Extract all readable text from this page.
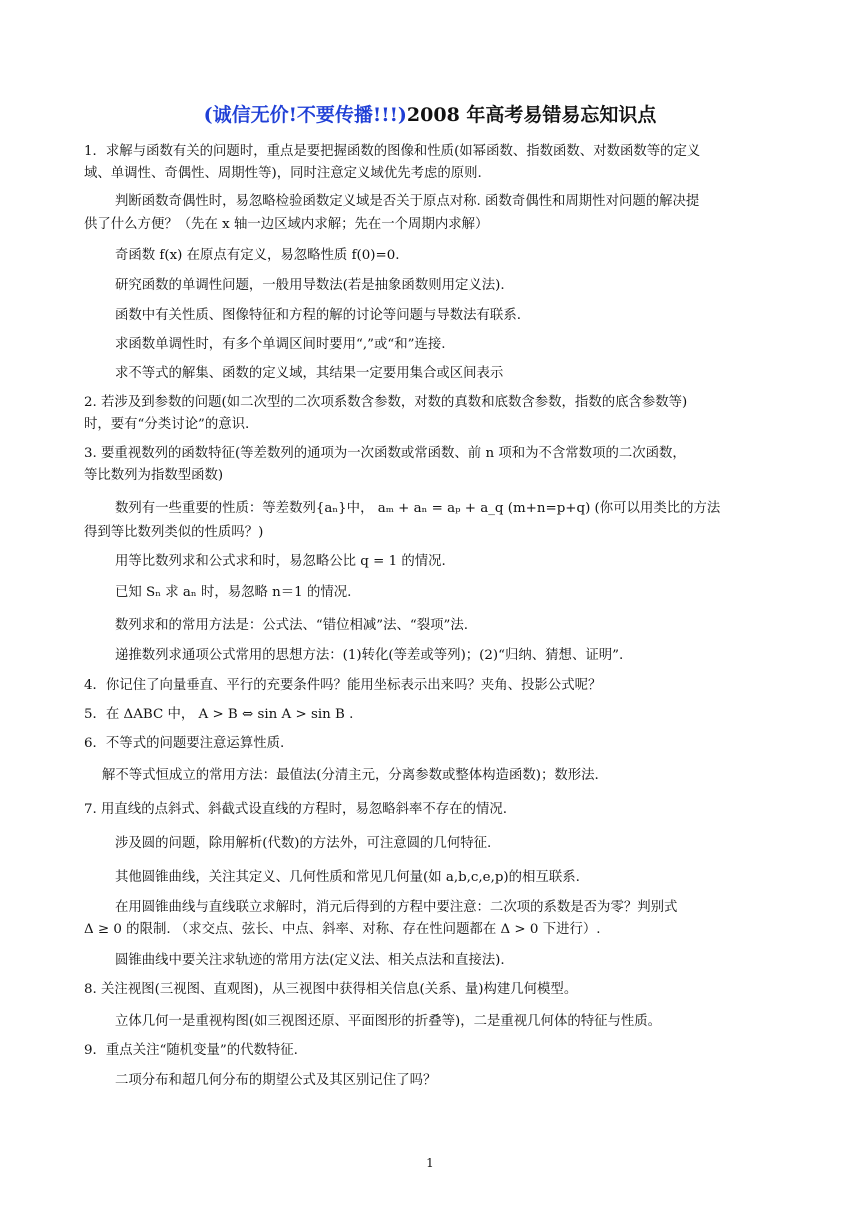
(诚信无价!不要传播!!!)2008 年高考易错易忘知识点
1．求解与函数有关的问题时，重点是要把握函数的图像和性质(如幂函数、指数函数、对数函数等的定义
域、单调性、奇偶性、周期性等)，同时注意定义域优先考虑的原则.
判断函数奇偶性时，易忽略检验函数定义域是否关于原点对称. 函数奇偶性和周期性对问题的解决提
供了什么方便？（先在 x 轴一边区域内求解；先在一个周期内求解）
奇函数 f(x) 在原点有定义，易忽略性质 f(0)=0.
研究函数的单调性问题，一般用导数法(若是抽象函数则用定义法).
函数中有关性质、图像特征和方程的解的讨论等问题与导数法有联系.
求函数单调性时，有多个单调区间时要用“,”或“和”连接.
求不等式的解集、函数的定义域，其结果一定要用集合或区间表示
2. 若涉及到参数的问题(如二次型的二次项系数含参数，对数的真数和底数含参数，指数的底含参数等)
时，要有“分类讨论”的意识.
3. 要重视数列的函数特征(等差数列的通项为一次函数或常函数、前 n 项和为不含常数项的二次函数，
等比数列为指数型函数)
数列有一些重要的性质：等差数列{aₙ}中， aₘ + aₙ = aₚ + a_q (m+n=p+q) (你可以用类比的方法
得到等比数列类似的性质吗？)
用等比数列求和公式求和时，易忽略公比 q = 1 的情况.
已知 Sₙ 求 aₙ 时，易忽略 n＝1 的情况.
数列求和的常用方法是：公式法、“错位相减”法、“裂项”法.
递推数列求通项公式常用的思想方法：(1)转化(等差或等列)；(2)“归纳、猜想、证明”.
4．你记住了向量垂直、平行的充要条件吗？能用坐标表示出来吗？夹角、投影公式呢？
5．在 ΔABC 中， A > B ⇔ sin A > sin B .
6．不等式的问题要注意运算性质.
解不等式恒成立的常用方法：最值法(分清主元，分离参数或整体构造函数)；数形法.
7. 用直线的点斜式、斜截式设直线的方程时，易忽略斜率不存在的情况.
涉及圆的问题，除用解析(代数)的方法外，可注意圆的几何特征.
其他圆锥曲线，关注其定义、几何性质和常见几何量(如 a,b,c,e,p)的相互联系.
在用圆锥曲线与直线联立求解时，消元后得到的方程中要注意：二次项的系数是否为零？判别式
Δ ≥ 0 的限制. （求交点、弦长、中点、斜率、对称、存在性问题都在 Δ > 0 下进行）.
圆锥曲线中要关注求轨迹的常用方法(定义法、相关点法和直接法).
8. 关注视图(三视图、直观图)，从三视图中获得相关信息(关系、量)构建几何模型。
立体几何一是重视构图(如三视图还原、平面图形的折叠等)，二是重视几何体的特征与性质。
9．重点关注“随机变量”的代数特征.
二项分布和超几何分布的期望公式及其区别记住了吗？
1
